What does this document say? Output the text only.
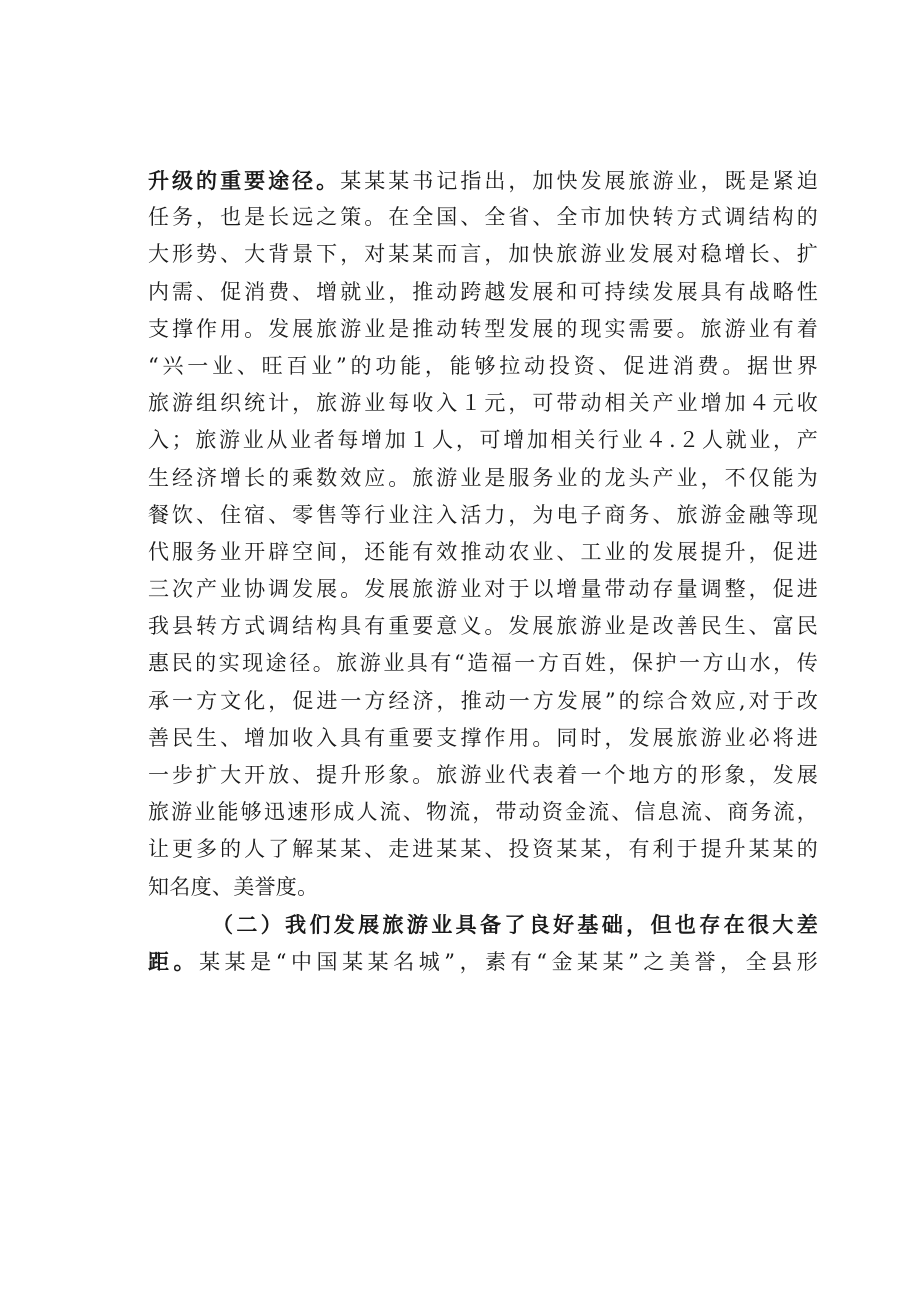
升级的重要途径。某某某书记指出，加快发展旅游业，既是紧迫
任务，也是长远之策。在全国、全省、全市加快转方式调结构的
大形势、大背景下，对某某而言，加快旅游业发展对稳增长、扩
内需、促消费、增就业，推动跨越发展和可持续发展具有战略性
支撑作用。发展旅游业是推动转型发展的现实需要。旅游业有着
“兴一业、旺百业”的功能，能够拉动投资、促进消费。据世界
旅游组织统计，旅游业每收入１元，可带动相关产业增加４元收
入；旅游业从业者每增加１人，可增加相关行业４.２人就业，产
生经济增长的乘数效应。旅游业是服务业的龙头产业，不仅能为
餐饮、住宿、零售等行业注入活力，为电子商务、旅游金融等现
代服务业开辟空间，还能有效推动农业、工业的发展提升，促进
三次产业协调发展。发展旅游业对于以增量带动存量调整，促进
我县转方式调结构具有重要意义。发展旅游业是改善民生、富民
惠民的实现途径。旅游业具有“造福一方百姓，保护一方山水，传
承一方文化，促进一方经济，推动一方发展”的综合效应,对于改
善民生、增加收入具有重要支撑作用。同时，发展旅游业必将进
一步扩大开放、提升形象。旅游业代表着一个地方的形象，发展
旅游业能够迅速形成人流、物流，带动资金流、信息流、商务流，
让更多的人了解某某、走进某某、投资某某，有利于提升某某的
知名度、美誉度。
（二）我们发展旅游业具备了良好基础，但也存在很大差
距。某某是“中国某某名城”，素有“金某某”之美誉，全县形
